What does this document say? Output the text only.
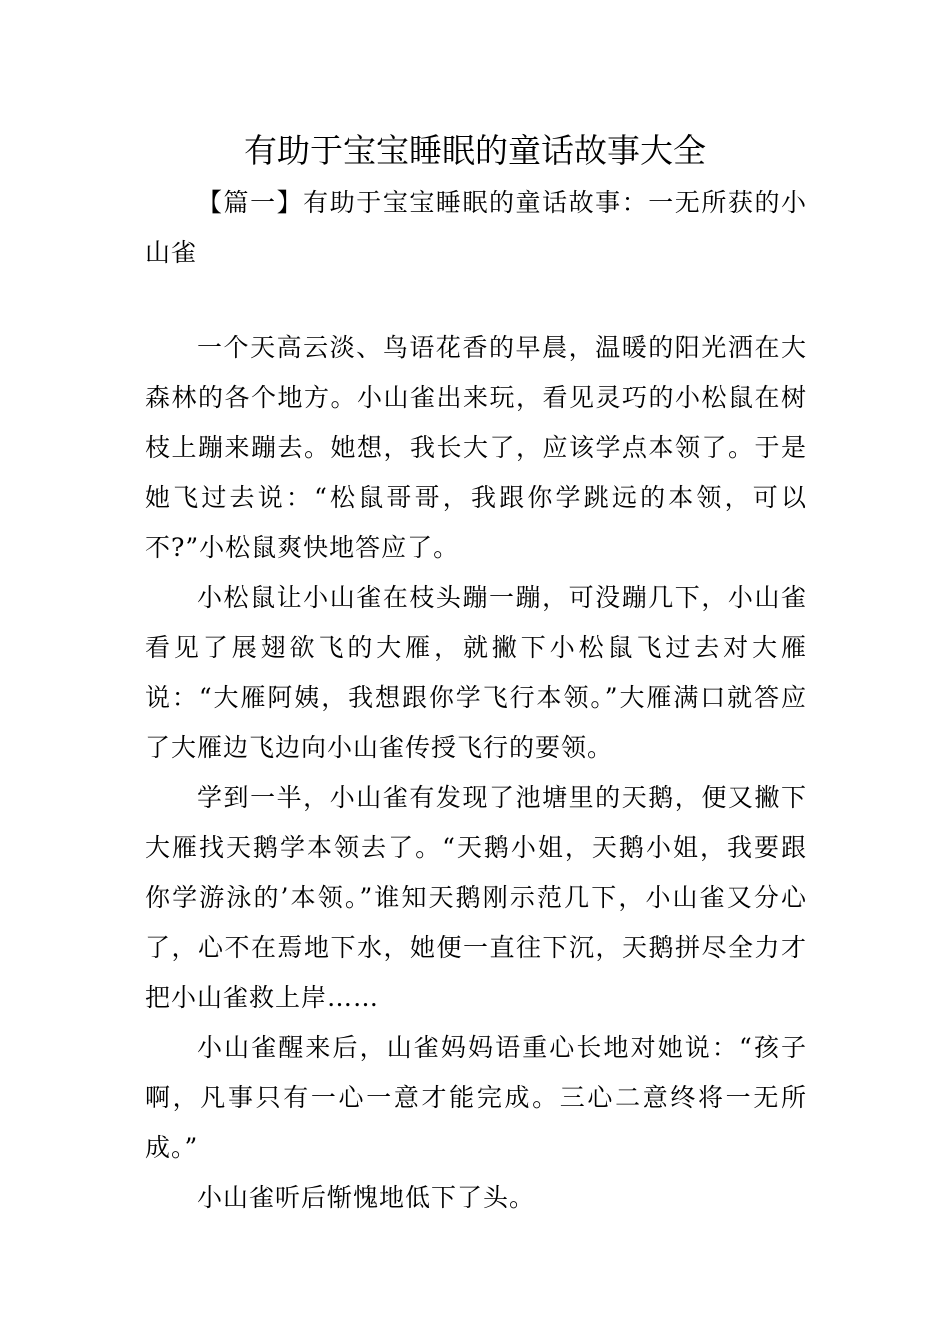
有助于宝宝睡眠的童话故事大全

【篇一】有助于宝宝睡眠的童话故事：一无所获的小山雀

一个天高云淡、鸟语花香的早晨，温暖的阳光洒在大森林的各个地方。小山雀出来玩，看见灵巧的小松鼠在树枝上蹦来蹦去。她想，我长大了，应该学点本领了。于是她飞过去说：“松鼠哥哥，我跟你学跳远的本领，可以不?”小松鼠爽快地答应了。

小松鼠让小山雀在枝头蹦一蹦，可没蹦几下，小山雀看见了展翅欲飞的大雁，就撇下小松鼠飞过去对大雁说：“大雁阿姨，我想跟你学飞行本领。”大雁满口就答应了大雁边飞边向小山雀传授飞行的要领。

学到一半，小山雀有发现了池塘里的天鹅，便又撇下大雁找天鹅学本领去了。“天鹅小姐，天鹅小姐，我要跟你学游泳的’本领。”谁知天鹅刚示范几下，小山雀又分心了，心不在焉地下水，她便一直往下沉，天鹅拼尽全力才把小山雀救上岸……

小山雀醒来后，山雀妈妈语重心长地对她说：“孩子啊，凡事只有一心一意才能完成。三心二意终将一无所成。”

小山雀听后惭愧地低下了头。
